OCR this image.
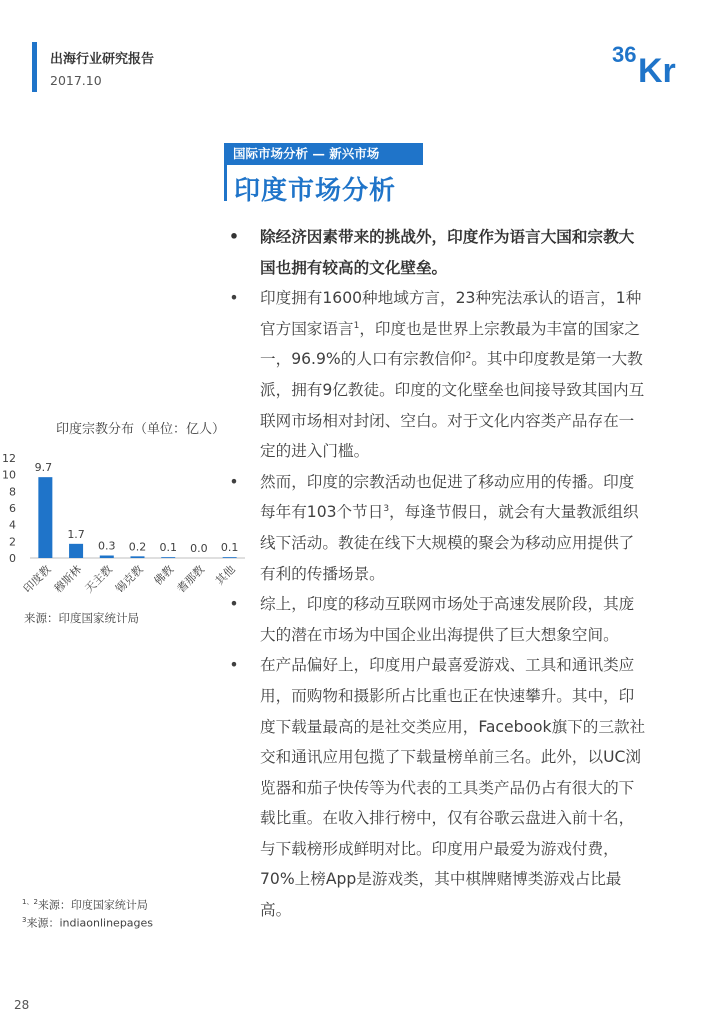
出海行业研究报告
2017.10
36 Kr
国际市场分析 — 新兴市场
印度市场分析
• 除经济因素带来的挑战外，印度作为语言大国和宗教大国也拥有较高的文化壁垒。
• 印度拥有1600种地域方言，23种宪法承认的语言，1种官方国家语言$^1$，印度也是世界上宗教最为丰富的国家之一，96.9%的人口有宗教信仰$^2$。其中印度教是第一大教派，拥有9亿教徒。印度的文化壁垒也间接导致其国内互联网市场相对封闭、空白。对于文化内容类产品存在一定的进入门槛。
• 然而，印度的宗教活动也促进了移动应用的传播。印度每年有103个节日$^3$，每逢节假日，就会有大量教派组织线下活动。教徒在线下大规模的聚会为移动应用提供了有利的传播场景。
• 综上，印度的移动互联网市场处于高速发展阶段，其庞大的潜在市场为中国企业出海提供了巨大想象空间。
• 在产品偏好上，印度用户最喜爱游戏、工具和通讯类应用，而购物和摄影所占比重也正在快速攀升。其中，印度下载量最高的是社交类应用，Facebook旗下的三款社交和通讯应用包揽了下载量榜单前三名。此外，以UC浏览器和茄子快传等为代表的工具类产品仍占有很大的下载比重。在收入排行榜中，仅有谷歌云盘进入前十名，与下载榜形成鲜明对比。印度用户最爱为游戏付费，70%上榜App是游戏类，其中棋牌赌博类游戏占比最高。
印度宗教分布（单位：亿人）
0
2
4
6
8
10
12
9.7
印度教
1.7
穆斯林
0.3
天主教
0.2
锡克教
0.1
佛教
0.0
耆那教
0.1
其他
来源：印度国家统计局
$^{1、2}$来源：印度国家统计局
$^3$来源：indiaonlinepages
28
